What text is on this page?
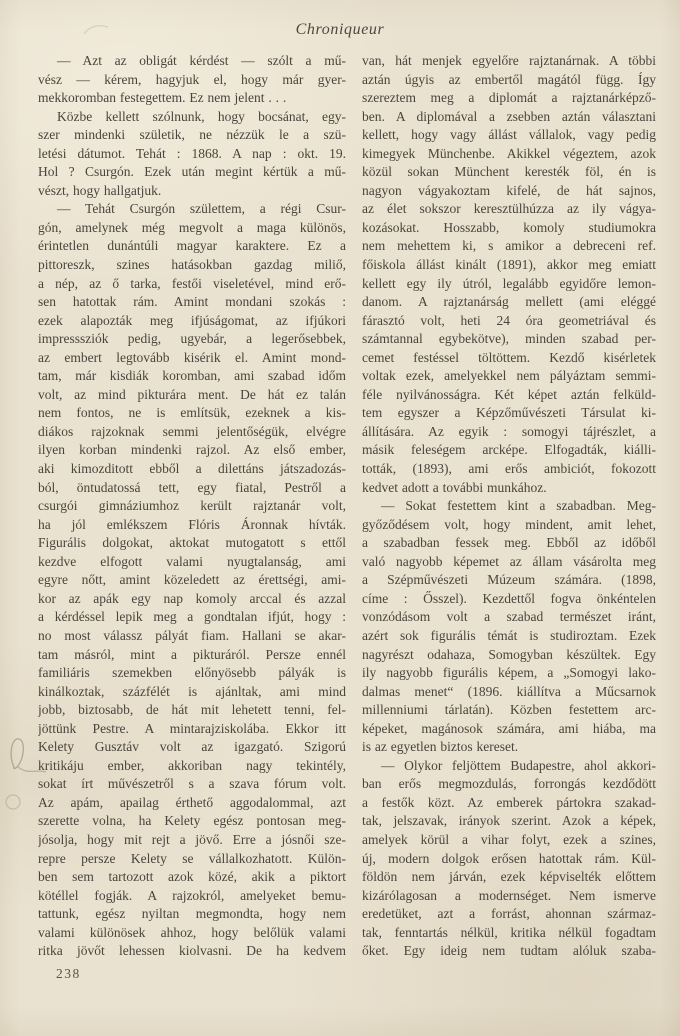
Chroniqueur
— Azt az obligát kérdést — szólt a mű-
vész — kérem, hagyjuk el, hogy már gyer-
mekkoromban festegettem. Ez nem jelent . . .
Közbe kellett szólnunk, hogy bocsánat, egy-
szer mindenki születik, ne nézzük le a szü-
letési dátumot. Tehát : 1868. A nap : okt. 19.
Hol ? Csurgón. Ezek után megint kértük a mű-
vészt, hogy hallgatjuk.
— Tehát Csurgón születtem, a régi Csur-
gón, amelynek még megvolt a maga különös,
érintetlen dunántúli magyar karaktere. Ez a
pittoreszk, szines hatásokban gazdag miliő,
a nép, az ő tarka, festői viseletével, mind erő-
sen hatottak rám. Amint mondani szokás :
ezek alapozták meg ifjúságomat, az ifjúkori
impresssziók pedig, ugyebár, a legerősebbek,
az embert legtovább kisérik el. Amint mond-
tam, már kisdiák koromban, ami szabad időm
volt, az mind pikturára ment. De hát ez talán
nem fontos, ne is említsük, ezeknek a kis-
diákos rajzoknak semmi jelentőségük, elvégre
ilyen korban mindenki rajzol. Az első ember,
aki kimozditott ebből a dilettáns játszadozás-
ból, öntudatossá tett, egy fiatal, Pestről a
csurgói gimnáziumhoz került rajztanár volt,
ha jól emlékszem Flóris Áronnak hívták.
Figurális dolgokat, aktokat mutogatott s ettől
kezdve elfogott valami nyugtalanság, ami
egyre nőtt, amint közeledett az érettségi, ami-
kor az apák egy nap komoly arccal és azzal
a kérdéssel lepik meg a gondtalan ifjút, hogy :
no most válassz pályát fiam. Hallani se akar-
tam másról, mint a pikturáról. Persze ennél
familiáris szemekben előnyösebb pályák is
kinálkoztak, százfélét is ajánltak, ami mind
jobb, biztosabb, de hát mit lehetett tenni, fel-
jöttünk Pestre. A mintarajziskolába. Ekkor itt
Kelety Gusztáv volt az igazgató. Szigorú
kritikáju ember, akkoriban nagy tekintély,
sokat írt művészetről s a szava fórum volt.
Az apám, apailag érthető aggodalommal, azt
szerette volna, ha Kelety egész pontosan meg-
jósolja, hogy mit rejt a jövő. Erre a jósnői sze-
repre persze Kelety se vállalkozhatott. Külön-
ben sem tartozott azok közé, akik a piktort
kötéllel fogják. A rajzokról, amelyeket bemu-
tattunk, egész nyiltan megmondta, hogy nem
valami különösek ahhoz, hogy belőlük valami
ritka jövőt lehessen kiolvasni. De ha kedvem
van, hát menjek egyelőre rajztanárnak. A többi
aztán úgyis az embertől magától függ. Így
szereztem meg a diplomát a rajztanárképző-
ben. A diplomával a zsebben aztán választani
kellett, hogy vagy állást vállalok, vagy pedig
kimegyek Münchenbe. Akikkel végeztem, azok
közül sokan Münchent keresték föl, én is
nagyon vágyakoztam kifelé, de hát sajnos,
az élet sokszor keresztülhúzza az ily vágya-
kozásokat. Hosszabb, komoly studiumokra
nem mehettem ki, s amikor a debreceni ref.
főiskola állást kinált (1891), akkor meg emiatt
kellett egy ily útról, legalább egyidőre lemon-
danom. A rajztanárság mellett (ami eléggé
fárasztó volt, heti 24 óra geometriával és
számtannal egybekötve), minden szabad per-
cemet festéssel töltöttem. Kezdő kisérletek
voltak ezek, amelyekkel nem pályáztam semmi-
féle nyilvánosságra. Két képet aztán felküld-
tem egyszer a Képzőművészeti Társulat ki-
állítására. Az egyik : somogyi tájrészlet, a
másik feleségem arcképe. Elfogadták, kiálli-
tották, (1893), ami erős ambiciót, fokozott
kedvet adott a további munkához.
— Sokat festettem kint a szabadban. Meg-
győződésem volt, hogy mindent, amit lehet,
a szabadban fessek meg. Ebből az időből
való nagyobb képemet az állam vásárolta meg
a Szépművészeti Múzeum számára. (1898,
címe : Ősszel). Kezdettől fogva önkéntelen
vonzódásom volt a szabad természet iránt,
azért sok figurális témát is studiroztam. Ezek
nagyrészt odahaza, Somogyban készültek. Egy
ily nagyobb figurális képem, a „Somogyi lako-
dalmas menet“ (1896. kiállítva a Műcsarnok
millenniumi tárlatán). Közben festettem arc-
képeket, magánosok számára, ami hiába, ma
is az egyetlen biztos kereset.
— Olykor feljöttem Budapestre, ahol akkori-
ban erős megmozdulás, forrongás kezdődött
a festők közt. Az emberek pártokra szakad-
tak, jelszavak, irányok szerint. Azok a képek,
amelyek körül a vihar folyt, ezek a szines,
új, modern dolgok erősen hatottak rám. Kül-
földön nem járván, ezek képviselték előttem
kizárólagosan a modernséget. Nem ismerve
eredetüket, azt a forrást, ahonnan származ-
tak, fenntartás nélkül, kritika nélkül fogadtam
őket. Egy ideig nem tudtam alóluk szaba-
238
